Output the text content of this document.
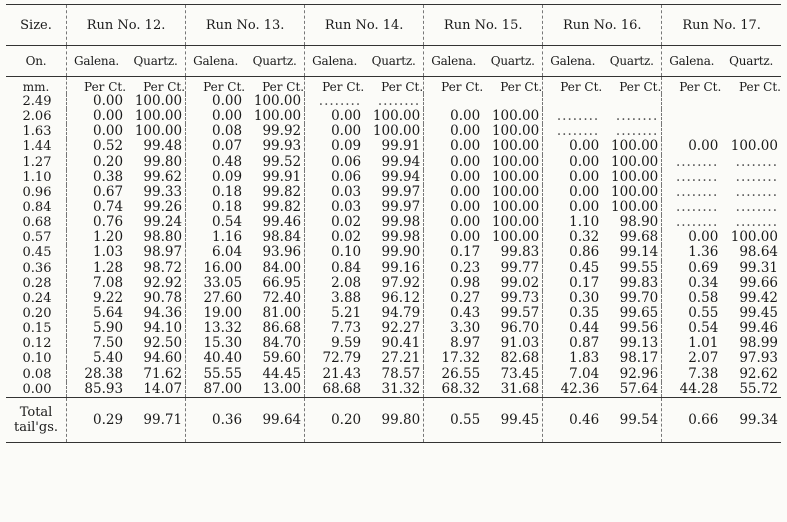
Size.	Run No. 12.		Run No. 13.		Run No. 14.		Run No. 15.		Run No. 16.		Run No. 17.	
On.	Galena.	Quartz.	Galena.	Quartz.	Galena.	Quartz.	Galena.	Quartz.	Galena.	Quartz.	Galena.	Quartz.
mm.	Per Ct.	Per Ct.	Per Ct.	Per Ct.	Per Ct.	Per Ct.	Per Ct.	Per Ct.	Per Ct.	Per Ct.	Per Ct.	Per Ct.
2.49	0.00	100.00	0.00	100.00	........	........						
2.06	0.00	100.00	0.00	100.00	0.00	100.00	0.00	100.00	........	........		
1.63	0.00	100.00	0.08	99.92	0.00	100.00	0.00	100.00	........	........		
1.44	0.52	99.48	0.07	99.93	0.09	99.91	0.00	100.00	0.00	100.00	0.00	100.00
1.27	0.20	99.80	0.48	99.52	0.06	99.94	0.00	100.00	0.00	100.00	........	........
1.10	0.38	99.62	0.09	99.91	0.06	99.94	0.00	100.00	0.00	100.00	........	........
0.96	0.67	99.33	0.18	99.82	0.03	99.97	0.00	100.00	0.00	100.00	........	........
0.84	0.74	99.26	0.18	99.82	0.03	99.97	0.00	100.00	0.00	100.00	........	........
0.68	0.76	99.24	0.54	99.46	0.02	99.98	0.00	100.00	1.10	98.90	........	........
0.57	1.20	98.80	1.16	98.84	0.02	99.98	0.00	100.00	0.32	99.68	0.00	100.00
0.45	1.03	98.97	6.04	93.96	0.10	99.90	0.17	99.83	0.86	99.14	1.36	98.64
0.36	1.28	98.72	16.00	84.00	0.84	99.16	0.23	99.77	0.45	99.55	0.69	99.31
0.28	7.08	92.92	33.05	66.95	2.08	97.92	0.98	99.02	0.17	99.83	0.34	99.66
0.24	9.22	90.78	27.60	72.40	3.88	96.12	0.27	99.73	0.30	99.70	0.58	99.42
0.20	5.64	94.36	19.00	81.00	5.21	94.79	0.43	99.57	0.35	99.65	0.55	99.45
0.15	5.90	94.10	13.32	86.68	7.73	92.27	3.30	96.70	0.44	99.56	0.54	99.46
0.12	7.50	92.50	15.30	84.70	9.59	90.41	8.97	91.03	0.87	99.13	1.01	98.99
0.10	5.40	94.60	40.40	59.60	72.79	27.21	17.32	82.68	1.83	98.17	2.07	97.93
0.08	28.38	71.62	55.55	44.45	21.43	78.57	26.55	73.45	7.04	92.96	7.38	92.62
0.00	85.93	14.07	87.00	13.00	68.68	31.32	68.32	31.68	42.36	57.64	44.28	55.72

Total
tail'gs.	0.29	99.71	0.36	99.64	0.20	99.80	0.55	99.45	0.46	99.54	0.66	99.34
